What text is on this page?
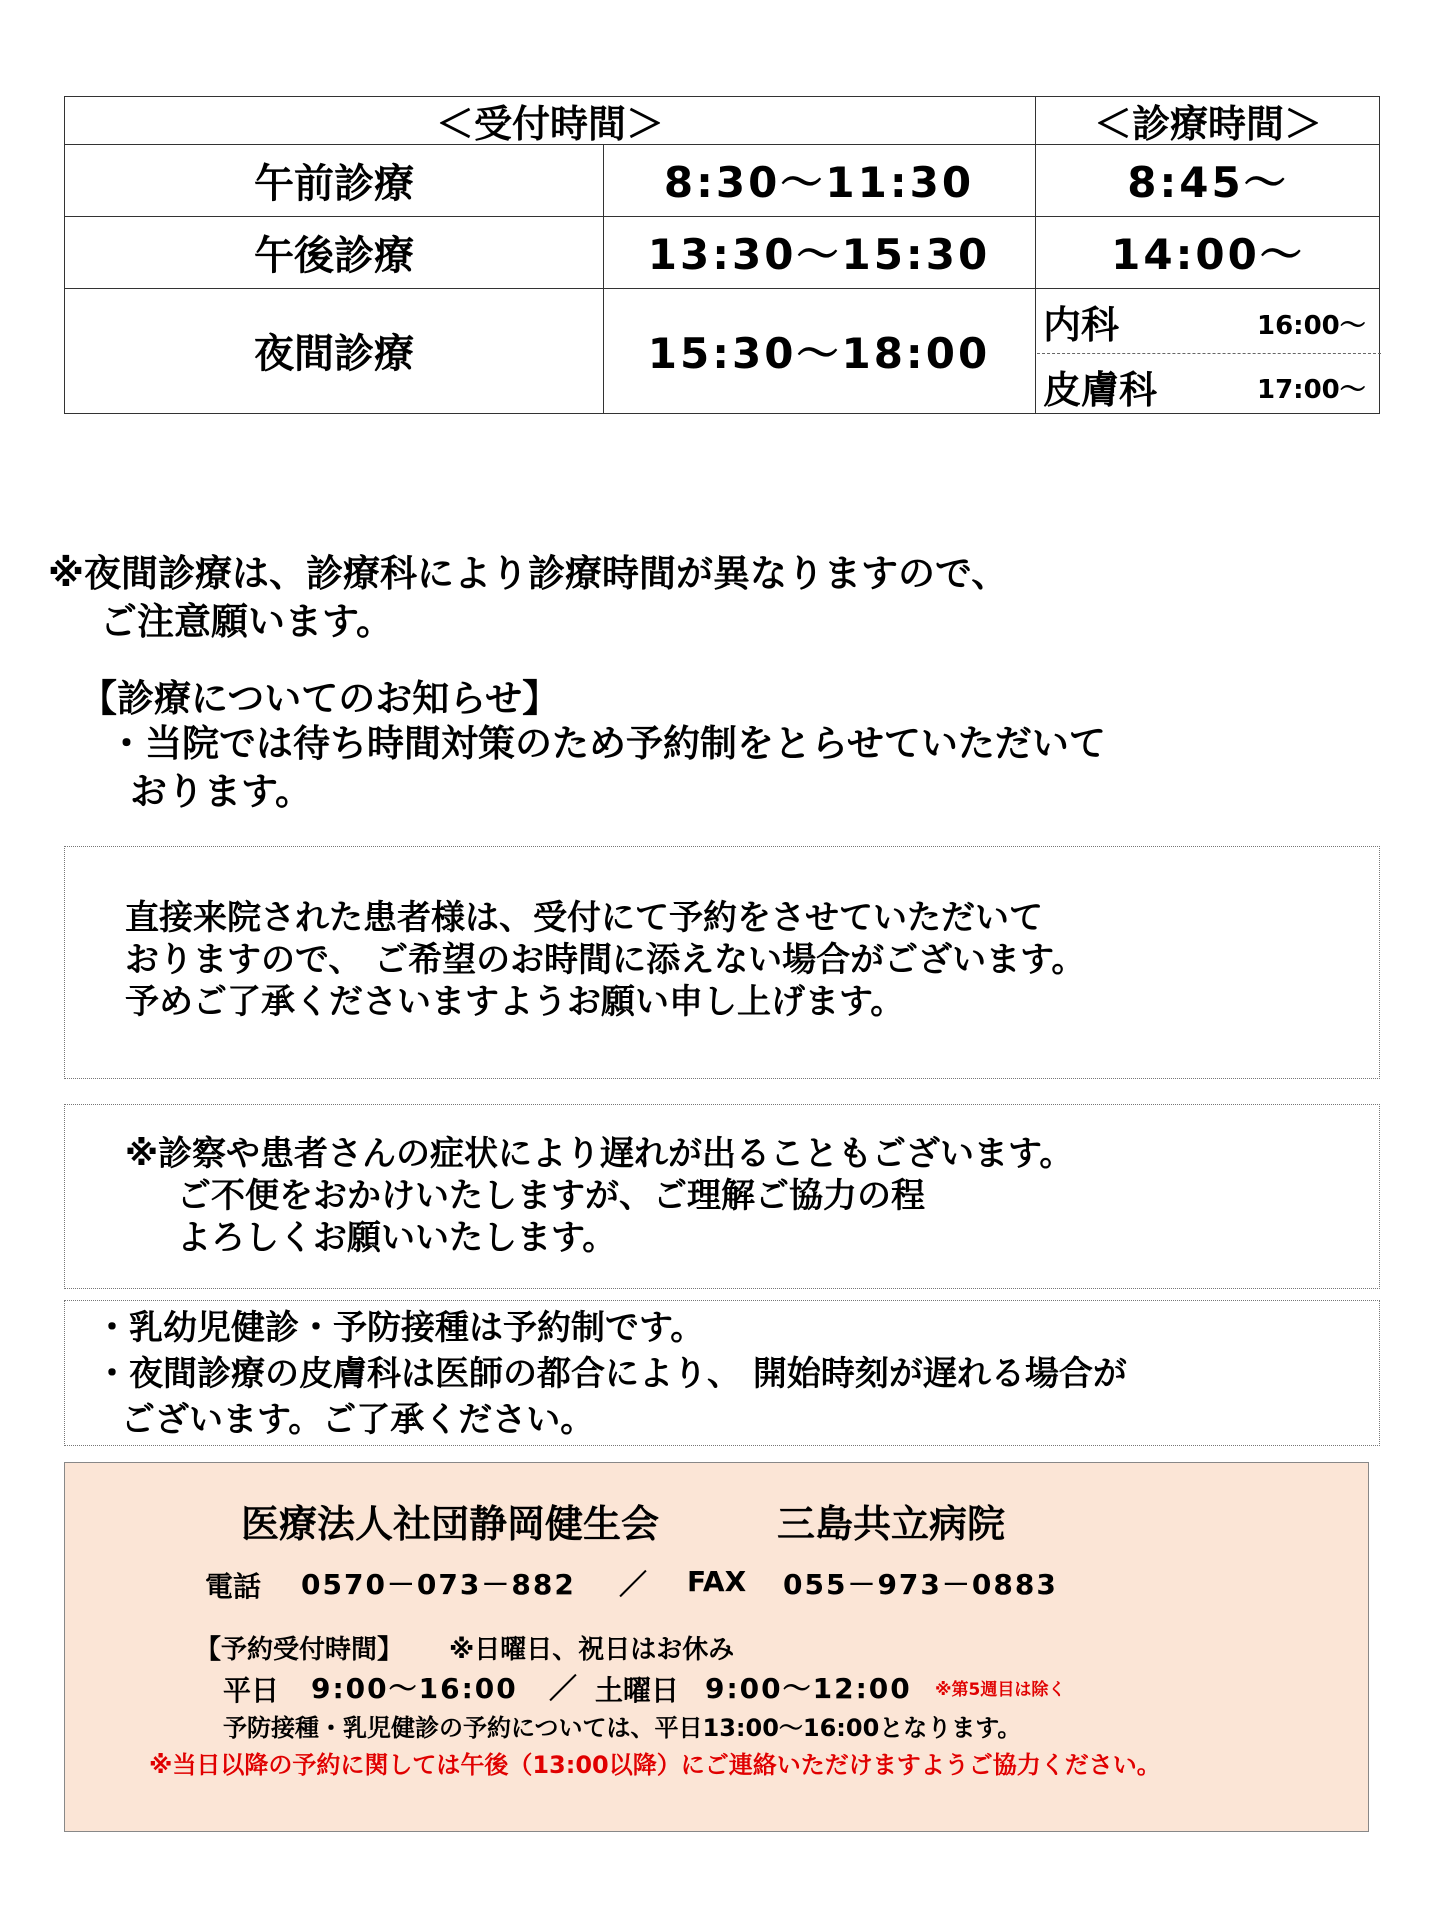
＜受付時間＞	＜診療時間＞
午前診療	8:30～11:30	8:45～
午後診療	13:30～15:30	14:00～
夜間診療	15:30～18:00
内科	16:00～
皮膚科	17:00～
※夜間診療は、診療科により診療時間が異なりますので、
ご注意願います。
【診療についてのお知らせ】
・当院では待ち時間対策のため予約制をとらせていただいて
おります。
直接来院された患者様は、受付にて予約をさせていただいて
おりますので、 ご希望のお時間に添えない場合がございます。
予めご了承くださいますようお願い申し上げます。
※診察や患者さんの症状により遅れが出ることもございます。
ご不便をおかけいたしますが、ご理解ご協力の程
よろしくお願いいたします。
・乳幼児健診・予防接種は予約制です。
・夜間診療の皮膚科は医師の都合により、 開始時刻が遅れる場合が
ございます。ご了承ください。
医療法人社団静岡健生会	三島共立病院
電話 0570－073－882 ／ FAX 055－973－0883
【予約受付時間】 ※日曜日、祝日はお休み
平日 9:00～16:00 ／ 土曜日 9:00～12:00 ※第5週目は除く
予防接種・乳児健診の予約については、平日13:00～16:00となります。
※当日以降の予約に関しては午後（13:00以降）にご連絡いただけますようご協力ください。
